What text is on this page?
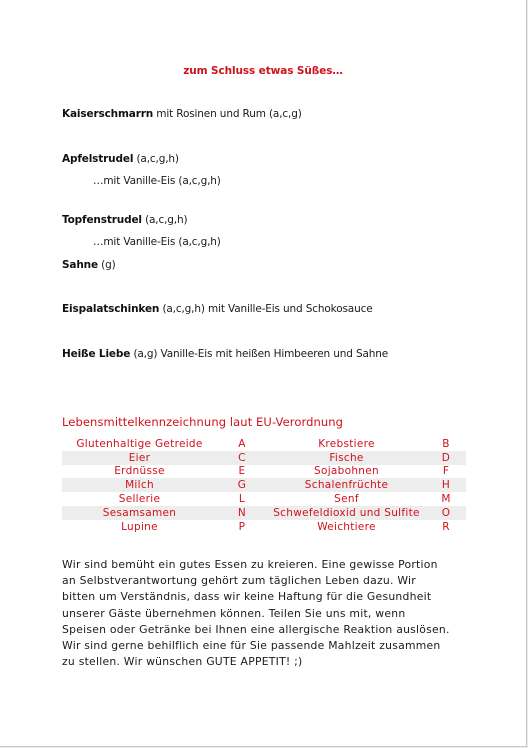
zum Schluss etwas Süßes…
Kaiserschmarrn mit Rosinen und Rum (a,c,g)
Apfelstrudel (a,c,g,h)
…mit Vanille-Eis (a,c,g,h)
Topfenstrudel (a,c,g,h)
…mit Vanille-Eis (a,c,g,h)
Sahne (g)
Eispalatschinken (a,c,g,h) mit Vanille-Eis und Schokosauce
Heiße Liebe (a,g) Vanille-Eis mit heißen Himbeeren und Sahne
Lebensmittelkennzeichnung laut EU-Verordnung
Glutenhaltige Getreide	A	Krebstiere	B
Eier	C	Fische	D
Erdnüsse	E	Sojabohnen	F
Milch	G	Schalenfrüchte	H
Sellerie	L	Senf	M
Sesamsamen	N	Schwefeldioxid und Sulfite	O
Lupine	P	Weichtiere	R
Wir sind bemüht ein gutes Essen zu kreieren. Eine gewisse Portion
an Selbstverantwortung gehört zum täglichen Leben dazu. Wir
bitten um Verständnis, dass wir keine Haftung für die Gesundheit
unserer Gäste übernehmen können. Teilen Sie uns mit, wenn
Speisen oder Getränke bei Ihnen eine allergische Reaktion auslösen.
Wir sind gerne behilflich eine für Sie passende Mahlzeit zusammen
zu stellen. Wir wünschen GUTE APPETIT! ;)
